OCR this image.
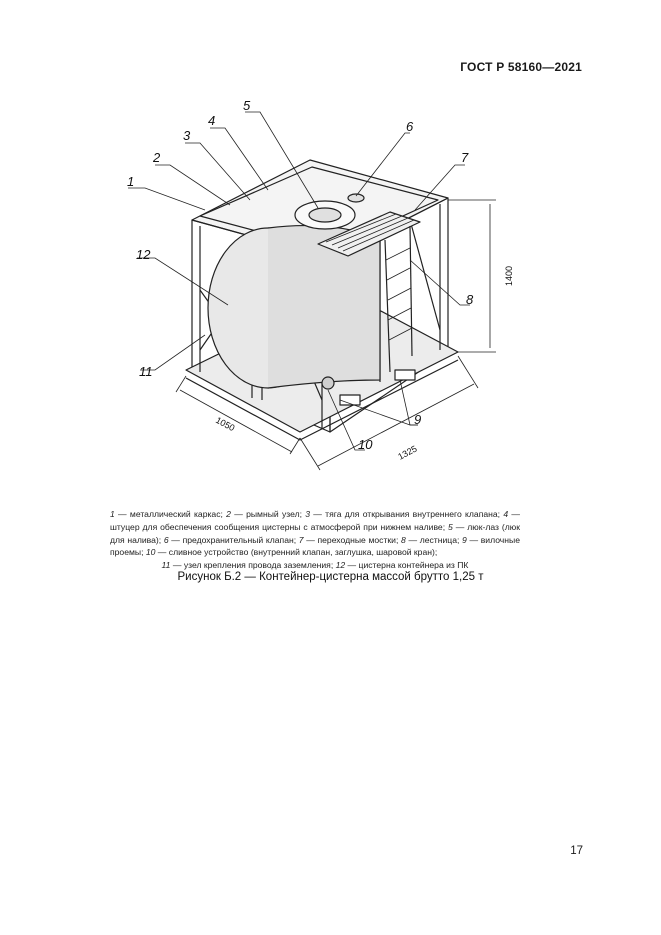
ГОСТ Р 58160—2021
1
2
3
4
5
6
7
8
9
10
11
12
1400
1050
1325
1 — металлический каркас; 2 — рымный узел; 3 — тяга для открывания внутреннего клапана; 4 — штуцер для обеспечения сообщения цистерны с атмосферой при нижнем наливе; 5 — люк-лаз (люк для налива); 6 — предохранительный клапан; 7 — переходные мостки; 8 — лестница; 9 — вилочные проемы; 10 — сливное устройство (внутренний клапан, заглушка, шаровой кран);
11 — узел крепления провода заземления; 12 — цистерна контейнера из ПК
Рисунок Б.2 — Контейнер-цистерна массой брутто 1,25 т
17
